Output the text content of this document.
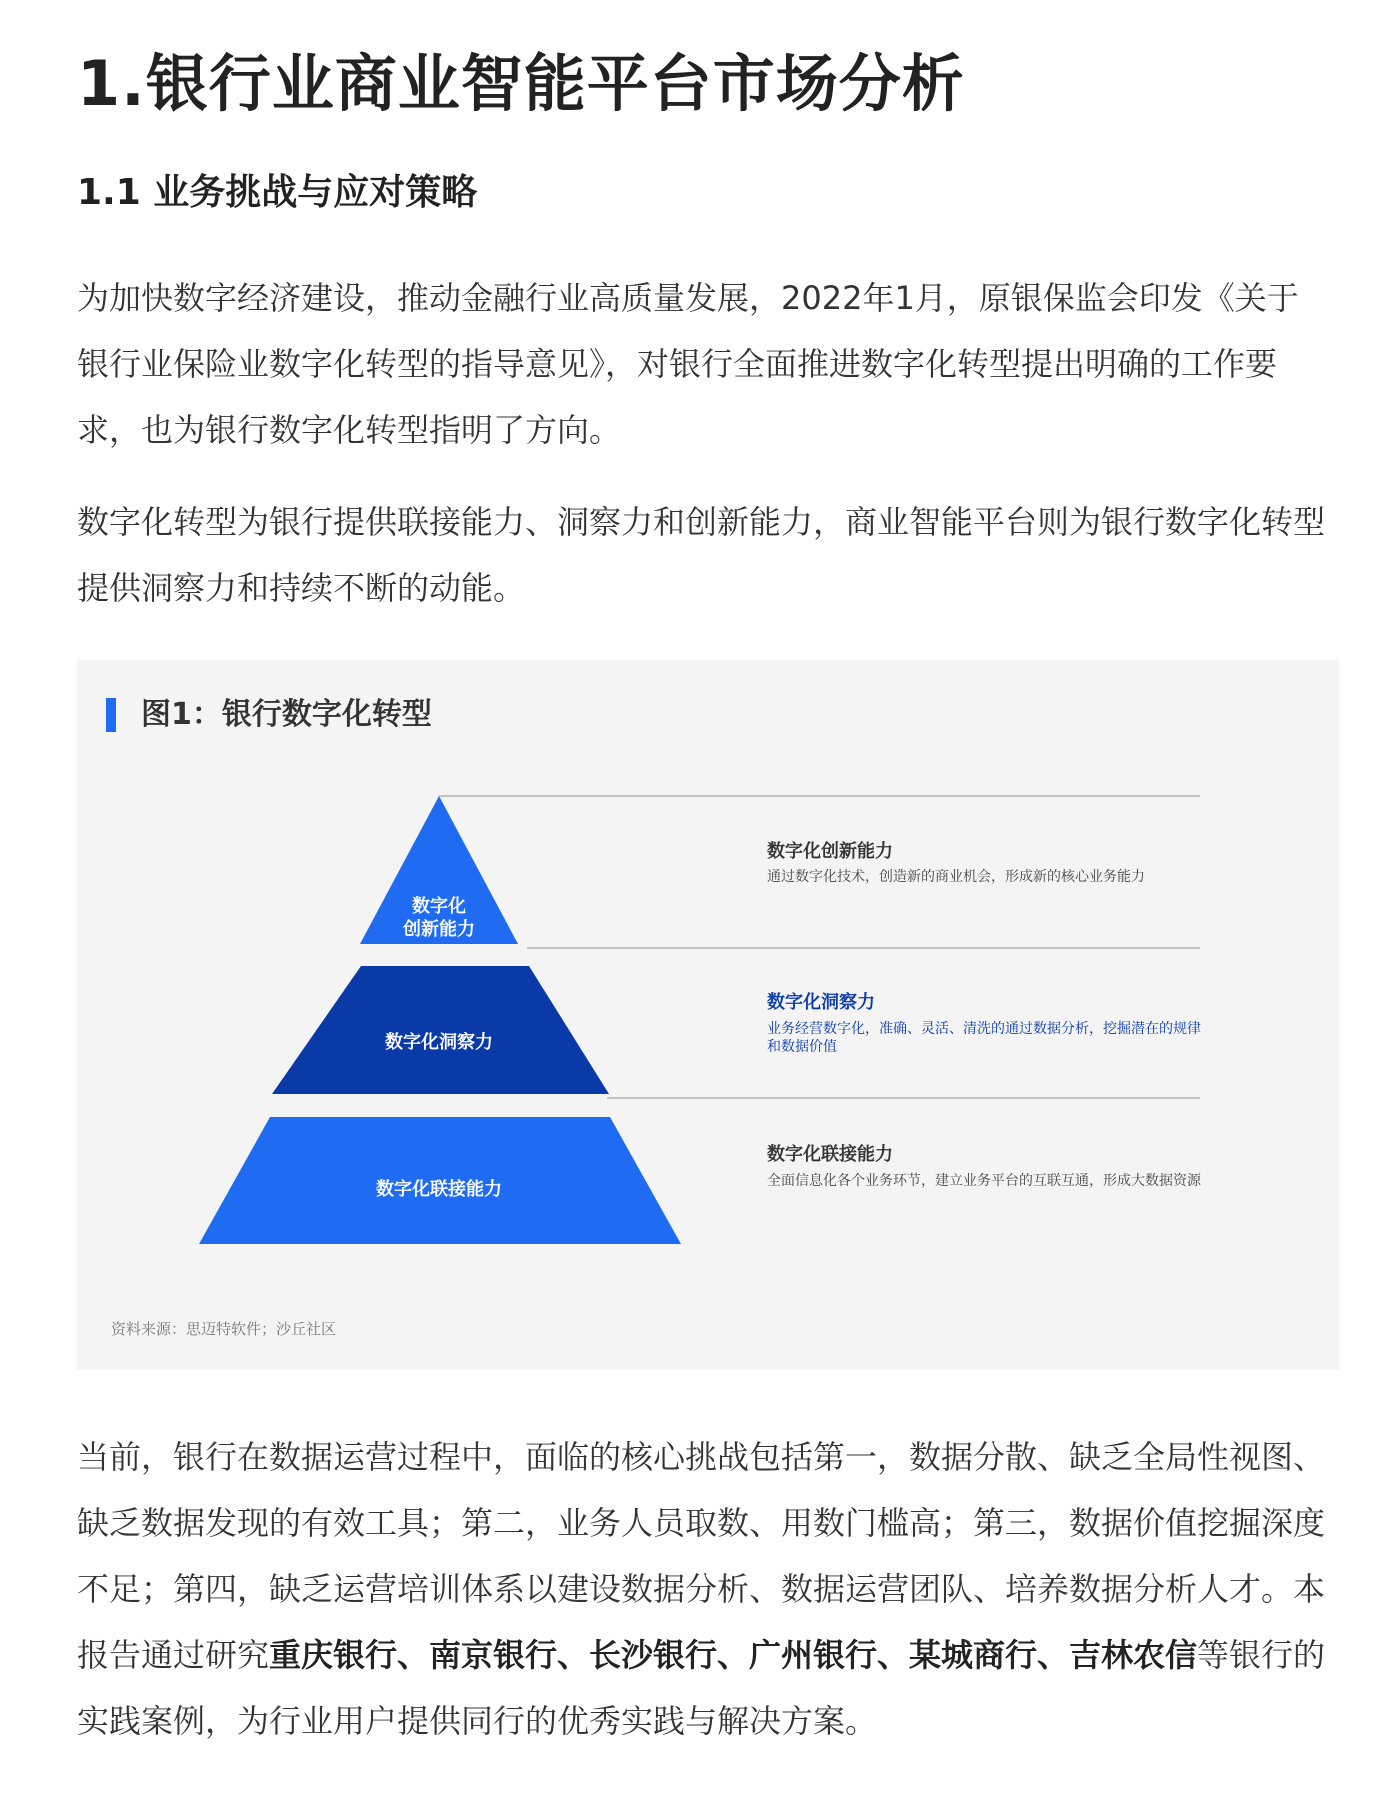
1.银行业商业智能平台市场分析
1.1 业务挑战与应对策略

为加快数字经济建设，推动金融行业高质量发展，2022年1月，原银保监会印发《关于银行业保险业数字化转型的指导意见》，对银行全面推进数字化转型提出明确的工作要求，也为银行数字化转型指明了方向。

数字化转型为银行提供联接能力、洞察力和创新能力，商业智能平台则为银行数字化转型提供洞察力和持续不断的动能。

图1：银行数字化转型
数字化
创新能力
数字化洞察力
数字化联接能力
数字化创新能力
通过数字化技术，创造新的商业机会，形成新的核心业务能力
数字化洞察力
业务经营数字化，准确、灵活、清洗的通过数据分析，挖掘潜在的规律和数据价值
数字化联接能力
全面信息化各个业务环节，建立业务平台的互联互通，形成大数据资源
资料来源：思迈特软件；沙丘社区

当前，银行在数据运营过程中，面临的核心挑战包括第一，数据分散、缺乏全局性视图、缺乏数据发现的有效工具；第二，业务人员取数、用数门槛高；第三，数据价值挖掘深度不足；第四，缺乏运营培训体系以建设数据分析、数据运营团队、培养数据分析人才。本报告通过研究重庆银行、南京银行、长沙银行、广州银行、某城商行、吉林农信等银行的实践案例，为行业用户提供同行的优秀实践与解决方案。
